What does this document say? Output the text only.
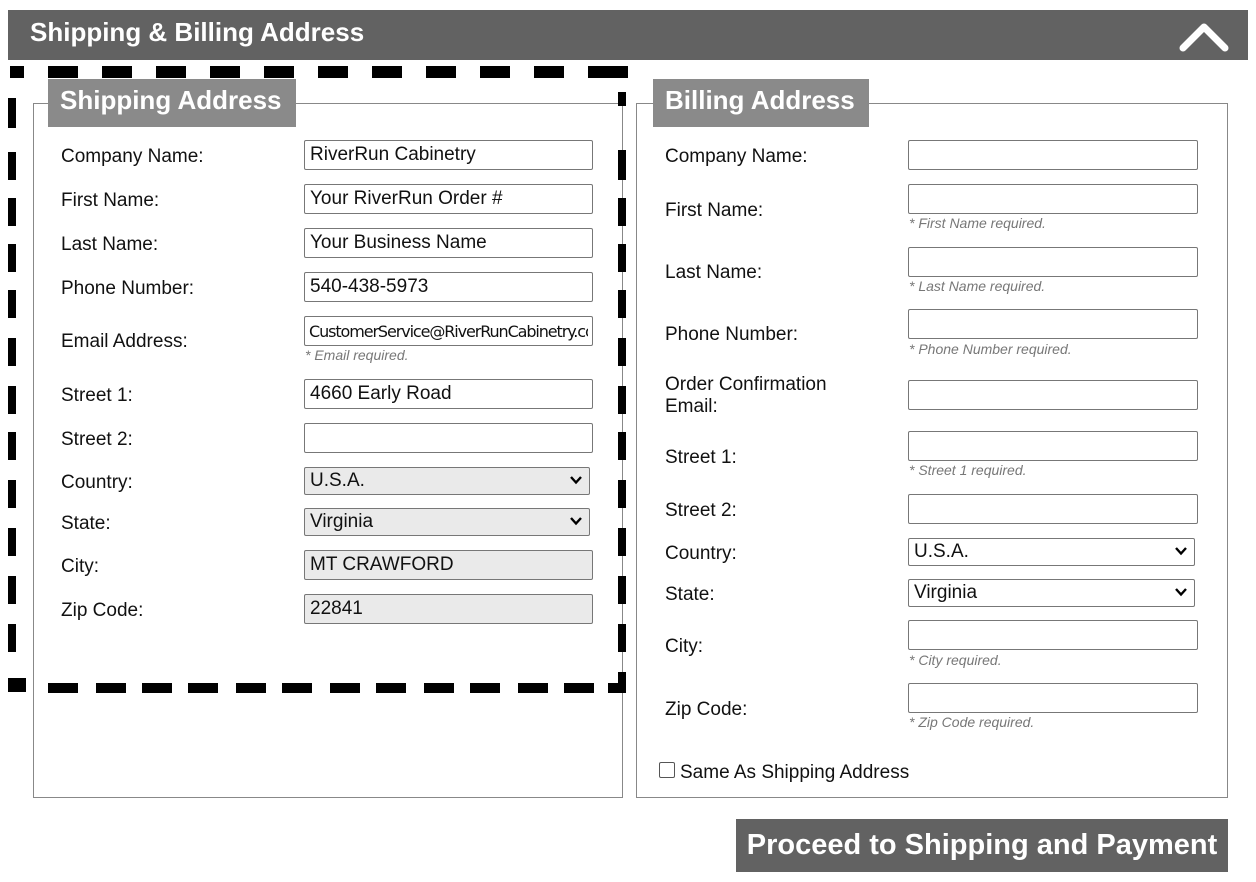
Shipping & Billing Address
Shipping Address
Company Name:
RiverRun Cabinetry
First Name:
Your RiverRun Order #
Last Name:
Your Business Name
Phone Number:
540-438-5973
Email Address:
CustomerService@RiverRunCabinetry.com
* Email required.
Street 1:
4660 Early Road
Street 2:
Country:	U.S.A.
State:	Virginia
City:
MT CRAWFORD
Zip Code:
22841
Billing Address
Company Name:
First Name:
* First Name required.
Last Name:
* Last Name required.
Phone Number:
* Phone Number required.
Order Confirmation
Email:
Street 1:
* Street 1 required.
Street 2:
Country:	U.S.A.
State:	Virginia
City:
* City required.
Zip Code:
* Zip Code required.
Same As Shipping Address
Proceed to Shipping and Payment
